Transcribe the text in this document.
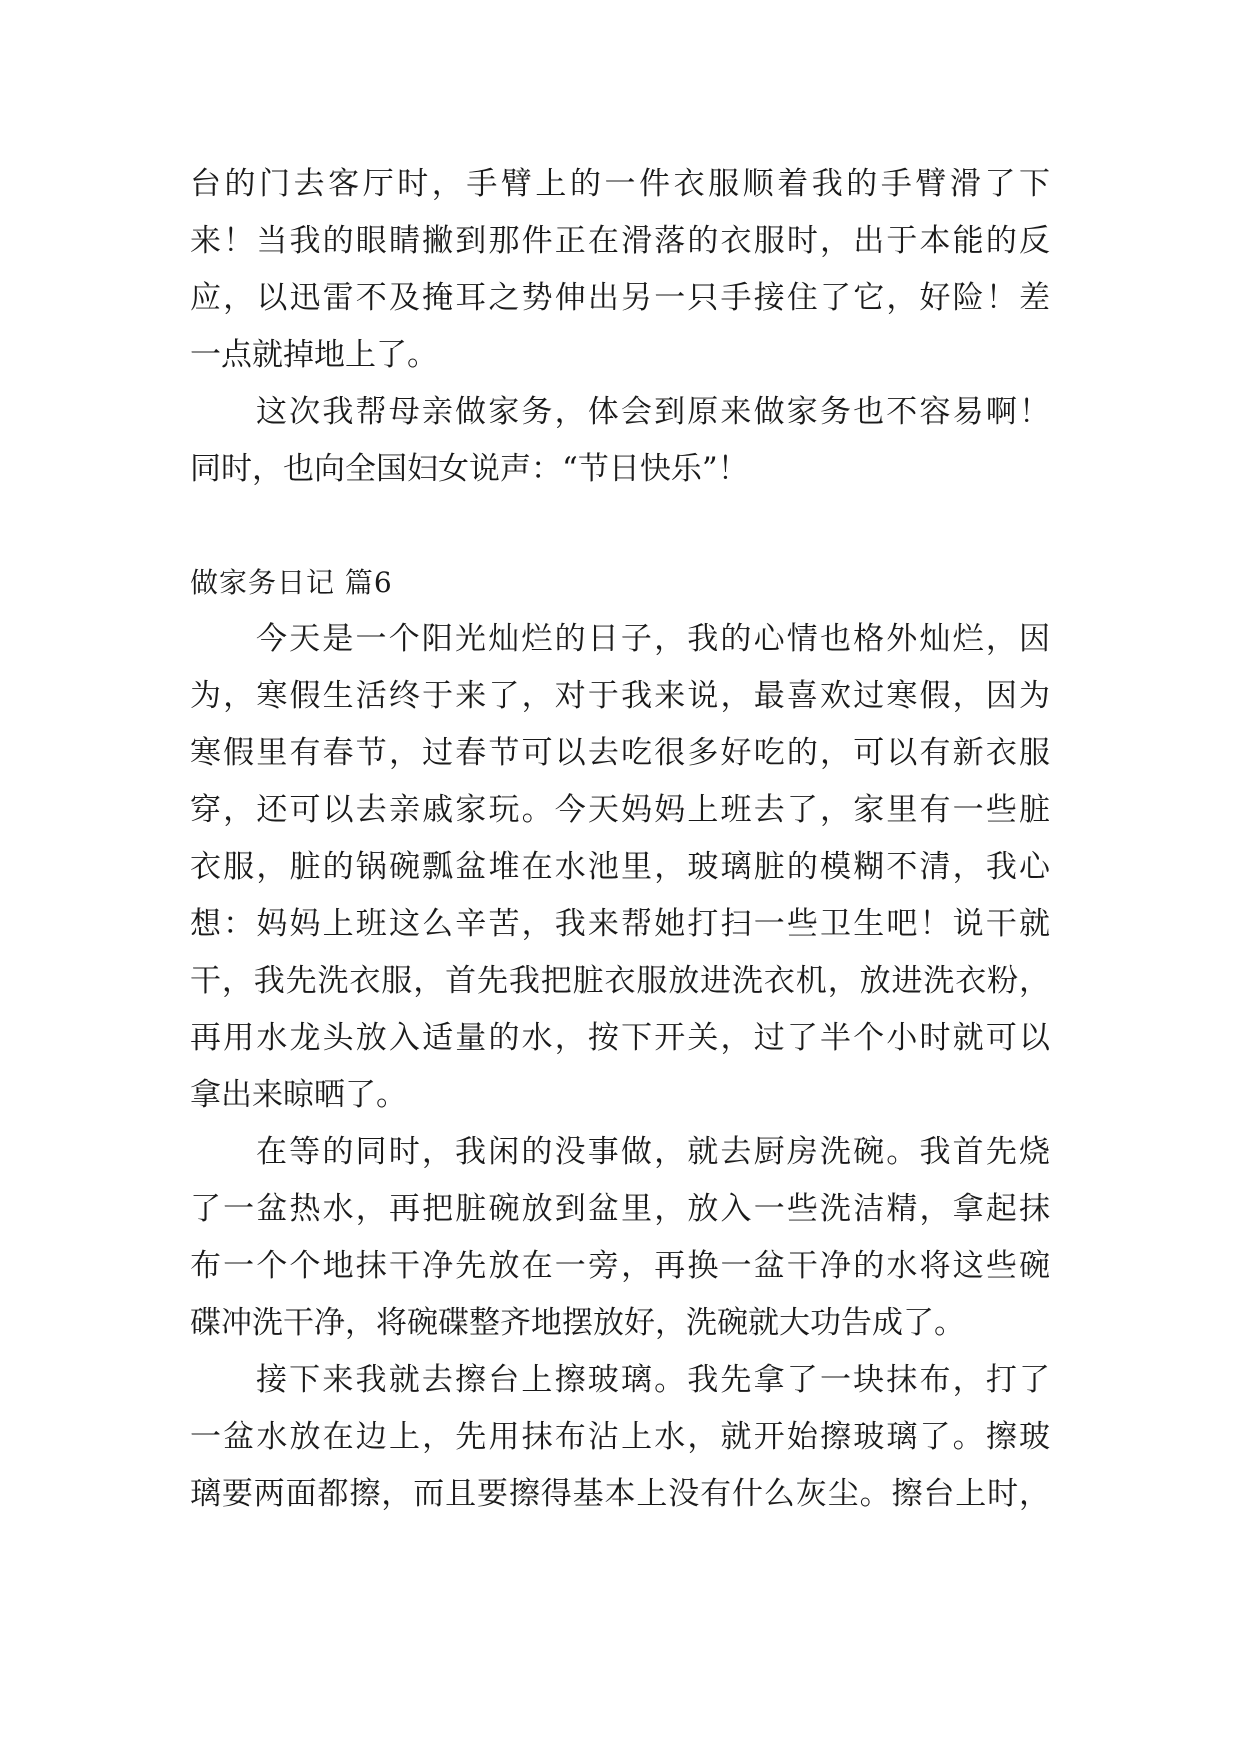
台的门去客厅时，手臂上的一件衣服顺着我的手臂滑了下
来！当我的眼睛撇到那件正在滑落的衣服时，出于本能的反
应，以迅雷不及掩耳之势伸出另一只手接住了它，好险！差
一点就掉地上了。
这次我帮母亲做家务，体会到原来做家务也不容易啊！
同时，也向全国妇女说声：“节日快乐”！
做家务日记 篇6
今天是一个阳光灿烂的日子，我的心情也格外灿烂，因
为，寒假生活终于来了，对于我来说，最喜欢过寒假，因为
寒假里有春节，过春节可以去吃很多好吃的，可以有新衣服
穿，还可以去亲戚家玩。今天妈妈上班去了，家里有一些脏
衣服，脏的锅碗瓢盆堆在水池里，玻璃脏的模糊不清，我心
想：妈妈上班这么辛苦，我来帮她打扫一些卫生吧！说干就
干，我先洗衣服，首先我把脏衣服放进洗衣机，放进洗衣粉，
再用水龙头放入适量的水，按下开关，过了半个小时就可以
拿出来晾晒了。
在等的同时，我闲的没事做，就去厨房洗碗。我首先烧
了一盆热水，再把脏碗放到盆里，放入一些洗洁精，拿起抹
布一个个地抹干净先放在一旁，再换一盆干净的水将这些碗
碟冲洗干净，将碗碟整齐地摆放好，洗碗就大功告成了。
接下来我就去擦台上擦玻璃。我先拿了一块抹布，打了
一盆水放在边上，先用抹布沾上水，就开始擦玻璃了。擦玻
璃要两面都擦，而且要擦得基本上没有什么灰尘。擦台上时，
